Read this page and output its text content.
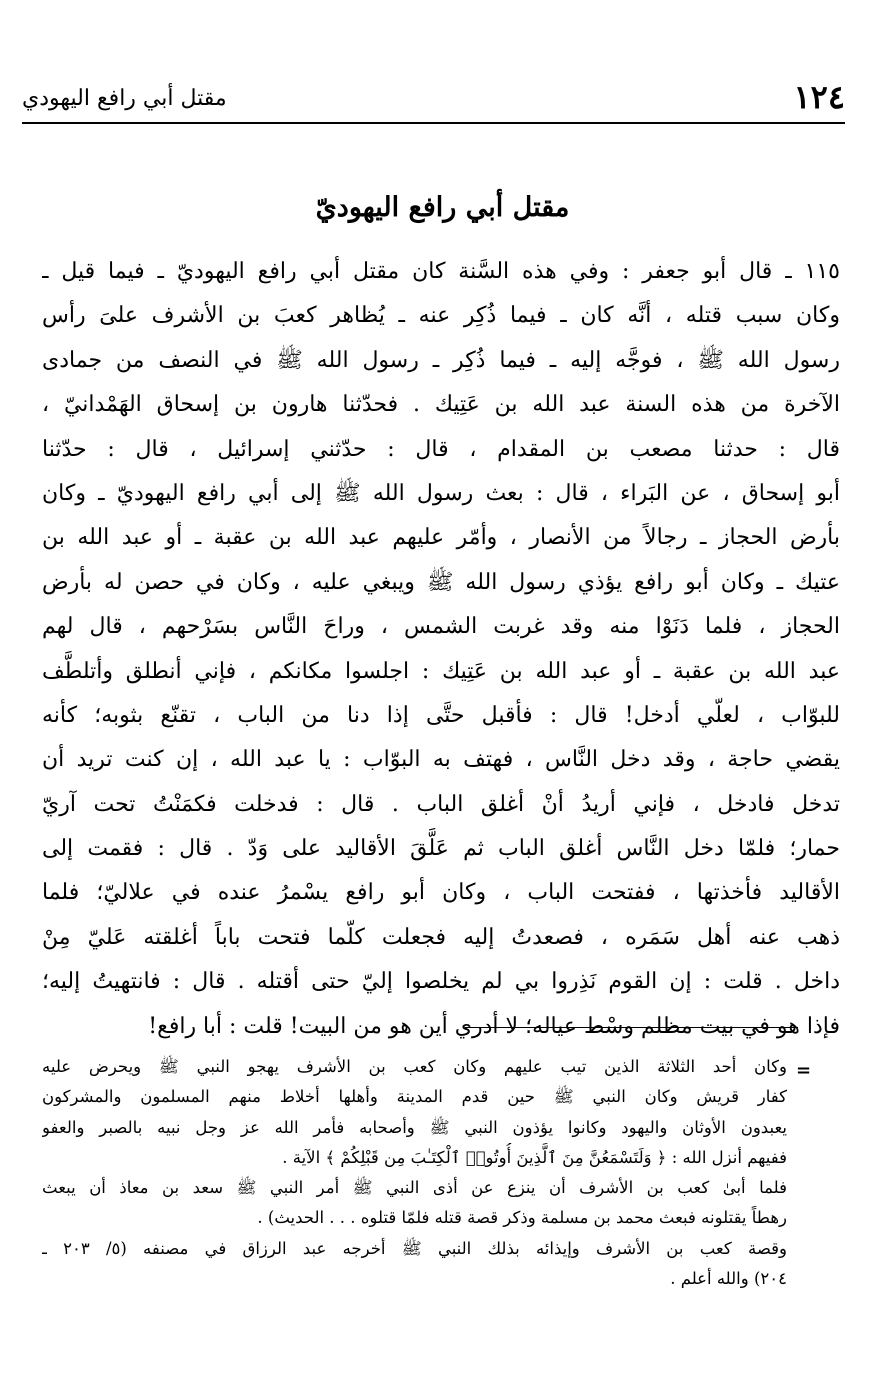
١٢٤
مقتل أبي رافع اليهودي
مقتل أبي رافع اليهوديّ
١١٥ ـ قال أبو جعفر : وفي هذه السَّنة كان مقتل أبي رافع اليهوديّ ـ فيما قيل ـ
وكان سبب قتله ، أنَّه كان ـ فيما ذُكِر عنه ـ يُظاهر كعبَ بن الأشرف علىَ رأس
رسول الله ﷺ ، فوجَّه إليه ـ فيما ذُكِر ـ رسول الله ﷺ في النصف من جمادى
الآخرة من هذه السنة عبد الله بن عَتِيك . فحدّثنا هارون بن إسحاق الهَمْدانيّ ،
قال : حدثنا مصعب بن المقدام ، قال : حدّثني إسرائيل ، قال : حدّثنا
أبو إسحاق ، عن البَراء ، قال : بعث رسول الله ﷺ إلى أبي رافع اليهوديّ ـ وكان
بأرض الحجاز ـ رجالاً من الأنصار ، وأمّر عليهم عبد الله بن عقبة ـ أو عبد الله بن
عتيك ـ وكان أبو رافع يؤذي رسول الله ﷺ ويبغي عليه ، وكان في حصن له بأرض
الحجاز ، فلما دَنَوْا منه وقد غربت الشمس ، وراحَ النَّاس بسَرْحهم ، قال لهم
عبد الله بن عقبة ـ أو عبد الله بن عَتِيك : اجلسوا مكانكم ، فإني أنطلق وأتلطَّف
للبوّاب ، لعلّي أدخل! قال : فأقبل حتَّى إذا دنا من الباب ، تقنّع بثوبه؛ كأنه
يقضي حاجة ، وقد دخل النَّاس ، فهتف به البوّاب : يا عبد الله ، إن كنت تريد أن
تدخل فادخل ، فإني أريدُ أنْ أغلق الباب . قال : فدخلت فكمَنْتُ تحت آريّ
حمار؛ فلمّا دخل النَّاس أغلق الباب ثم عَلَّقَ الأقاليد على وَدّ . قال : فقمت إلى
الأقاليد فأخذتها ، ففتحت الباب ، وكان أبو رافع يسْمرُ عنده في علاليّ؛ فلما
ذهب عنه أهل سَمَره ، فصعدتُ إليه فجعلت كلّما فتحت باباً أغلقته عَليّ مِنْ
داخل . قلت : إن القوم نَذِروا بي لم يخلصوا إليّ حتى أقتله . قال : فانتهيتُ إليه؛
فإذا هو في بيت مظلم وسْط عياله؛ لا أدري أين هو من البيت! قلت : أبا رافع!
=
وكان أحد الثلاثة الذين تيب عليهم وكان كعب بن الأشرف يهجو النبي ﷺ ويحرض عليه
كفار قريش وكان النبي ﷺ حين قدم المدينة وأهلها أخلاط منهم المسلمون والمشركون
يعبدون الأوثان واليهود وكانوا يؤذون النبي ﷺ وأصحابه فأمر الله عز وجل نبيه بالصبر والعفو
ففيهم أنزل الله : ﴿ وَلَتَسْمَعُنَّ مِنَ ٱلَّذِينَ أُوتُوا۟ ٱلْكِتَـٰبَ مِن قَبْلِكُمْ ﴾ الآية .
فلما أبىٰ كعب بن الأشرف أن ينزع عن أذى النبي ﷺ أمر النبي ﷺ سعد بن معاذ أن يبعث
رهطاً يقتلونه فبعث محمد بن مسلمة وذكر قصة قتله فلمّا قتلوه . . . الحديث) .
وقصة كعب بن الأشرف وإيذائه بذلك النبي ﷺ أخرجه عبد الرزاق في مصنفه (٥/ ٢٠٣ ـ
٢٠٤) والله أعلم .
